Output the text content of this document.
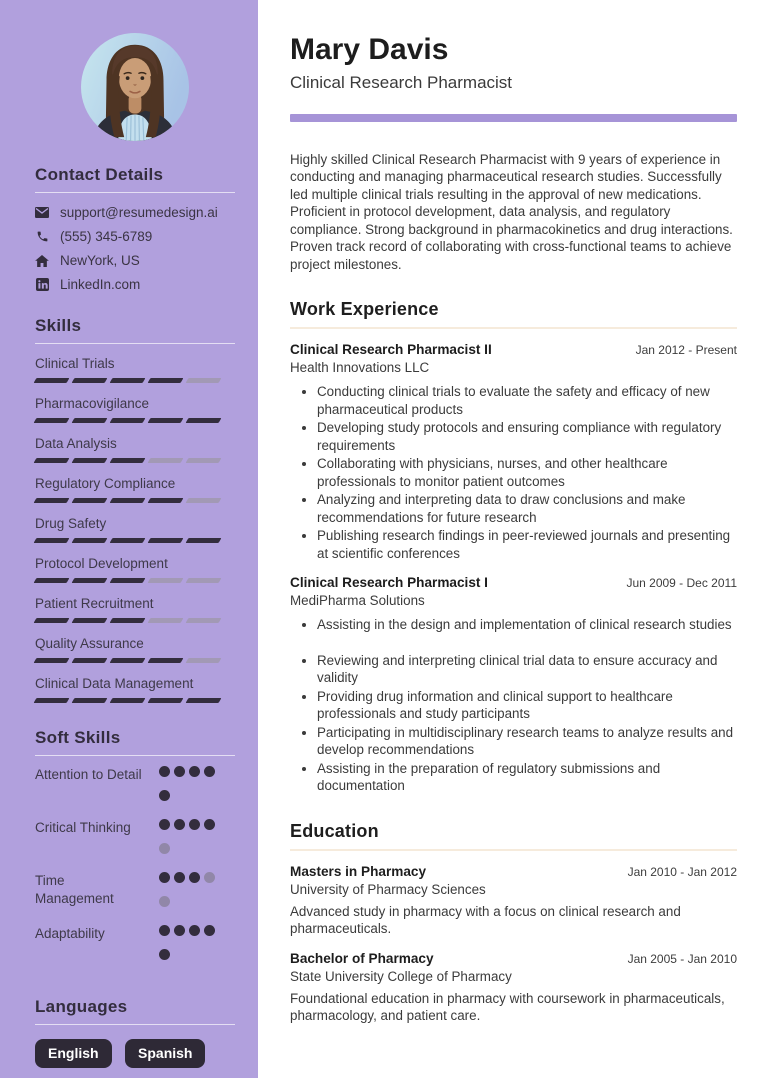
Contact Details
support@resumedesign.ai
(555) 345-6789
NewYork, US
LinkedIn.com
Skills
Clinical Trials
Pharmacovigilance
Data Analysis
Regulatory Compliance
Drug Safety
Protocol Development
Patient Recruitment
Quality Assurance
Clinical Data Management
Soft Skills
Attention to Detail
Critical Thinking
Time Management
Adaptability
Languages
English	Spanish
Mary Davis
Clinical Research Pharmacist

Highly skilled Clinical Research Pharmacist with 9 years of experience in conducting and managing pharmaceutical research studies. Successfully led multiple clinical trials resulting in the approval of new medications. Proficient in protocol development, data analysis, and regulatory compliance. Strong background in pharmacokinetics and drug interactions. Proven track record of collaborating with cross-functional teams to achieve project milestones.

Work Experience
Clinical Research Pharmacist II	Jan 2012 - Present
Health Innovations LLC
• Conducting clinical trials to evaluate the safety and efficacy of new pharmaceutical products
• Developing study protocols and ensuring compliance with regulatory requirements
• Collaborating with physicians, nurses, and other healthcare professionals to monitor patient outcomes
• Analyzing and interpreting data to draw conclusions and make recommendations for future research
• Publishing research findings in peer-reviewed journals and presenting at scientific conferences
Clinical Research Pharmacist I	Jun 2009 - Dec 2011
MediPharma Solutions
• Assisting in the design and implementation of clinical research studies
• Reviewing and interpreting clinical trial data to ensure accuracy and validity
• Providing drug information and clinical support to healthcare professionals and study participants
• Participating in multidisciplinary research teams to analyze results and develop recommendations
• Assisting in the preparation of regulatory submissions and documentation
Education
Masters in Pharmacy	Jan 2010 - Jan 2012
University of Pharmacy Sciences
Advanced study in pharmacy with a focus on clinical research and pharmaceuticals.
Bachelor of Pharmacy	Jan 2005 - Jan 2010
State University College of Pharmacy
Foundational education in pharmacy with coursework in pharmaceuticals, pharmacology, and patient care.
